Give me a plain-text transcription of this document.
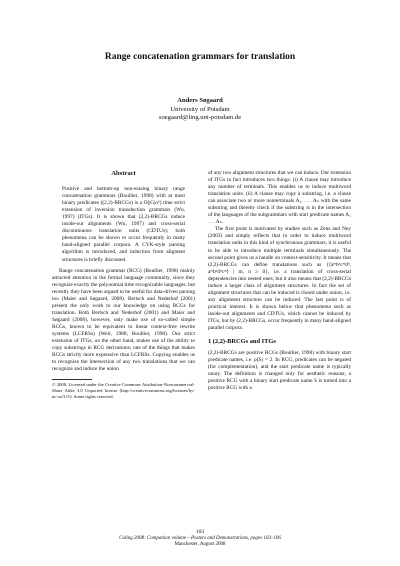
Range concatenation grammars for translation
Anders Søgaard
University of Potsdam
soegaard@ling.uni-potsdam.de
Abstract

Positive and bottom-up non-erasing binary range concatenation grammars (Boullier, 1998) with at most binary predicates ((2,2)-BRCGs) is a O(|G|n⁶) time strict extension of inversion transduction grammars (Wu, 1997) (ITGs). It is shown that (2,2)-BRCGs induce inside-out alignments (Wu, 1997) and cross-serial discontinuous translation units (CDTUs); both phenomena can be shown to occur frequently in many hand-aligned parallel corpora. A CYK-style parsing algorithm is introduced, and induction from aligment structures is briefly discussed.

Range concatenation grammar (RCG) (Boullier, 1998) mainly attracted attention in the formal language community, since they recognize exactly the polynomial time recognizable languages, but recently they have been argued to be useful for data-driven parsing too (Maier and Søgaard, 2008). Bertsch and Nederhof (2001) present the only work to our knowledge on using RCGs for translation. Both Bertsch and Nederhof (2001) and Maier and Søgaard (2008), however, only make use of so-called simple RCGs, known to be equivalent to linear context-free rewrite systems (LCFRSs) (Weir, 1988; Boullier, 1998). Our strict extension of ITGs, on the other hand, makes use of the ability to copy substrings in RCG derivations; one of the things that makes RCGs strictly more expressive than LCFRSs. Copying enables us to recognize the intersection of any two translations that we can recognize and induce the union

© 2008. Licensed under the Creative Commons Attribution-Noncommercial-Share Alike 3.0 Unported license (http://creativecommons.org/licenses/by-nc-sa/3.0/). Some rights reserved.

of any two alignment structures that we can induce. Our extension of ITGs in fact introduces two things: (i) A clause may introduce any number of terminals. This enables us to induce multiword translation units. (ii) A clause may copy a substring, i.e. a clause can associate two or more nonterminals A₁, . . . Aₙ with the same substring and thereby check if the substring is in the intersection of the languages of the subgrammars with start predicate names A₁ . . . Aₙ.

The first point is motivated by studies such as Zens and Ney (2003) and simply reflects that in order to induce multiword translation units in this kind of synchronous grammars, it is useful to be able to introduce multiple terminals simultaneously. The second point gives us a handle on context-sensitivity. It means that (2,2)-BRCGs can define translations such as {⟨aᵐbⁿcᵐdⁿ, aᵐbⁿdⁿcᵐ⟩ | m, n ≥ 0}, i.e. a translation of cross-serial dependencies into nested ones; but it also means that (2,2)-BRCGs induce a larger class of alignment structures. In fact the set of alignment structures that can be induced is closed under union, i.e. any alignment structure can be induced. The last point is of practical interest. It is shown below that phenomena such as inside-out alignments and CDTUs, which cannot be induced by ITGs, but by (2,2)-BRCGs, occur frequently in many hand-aligned parallel corpora.

1 (2,2)-BRCGs and ITGs

(2,2)-BRCGs are positive RCGs (Boullier, 1998) with binary start predicate names, i.e. ρ(S) = 2. In RCG, predicates can be negated (for complementation), and the start predicate name is typically unary. The definition is changed only for aesthetic reasons; a positive RCG with a binary start predicate name S is turned into a positive RCG with a

103
Coling 2008: Companion volume – Posters and Demonstrations, pages 103–106
Manchester, August 2008
